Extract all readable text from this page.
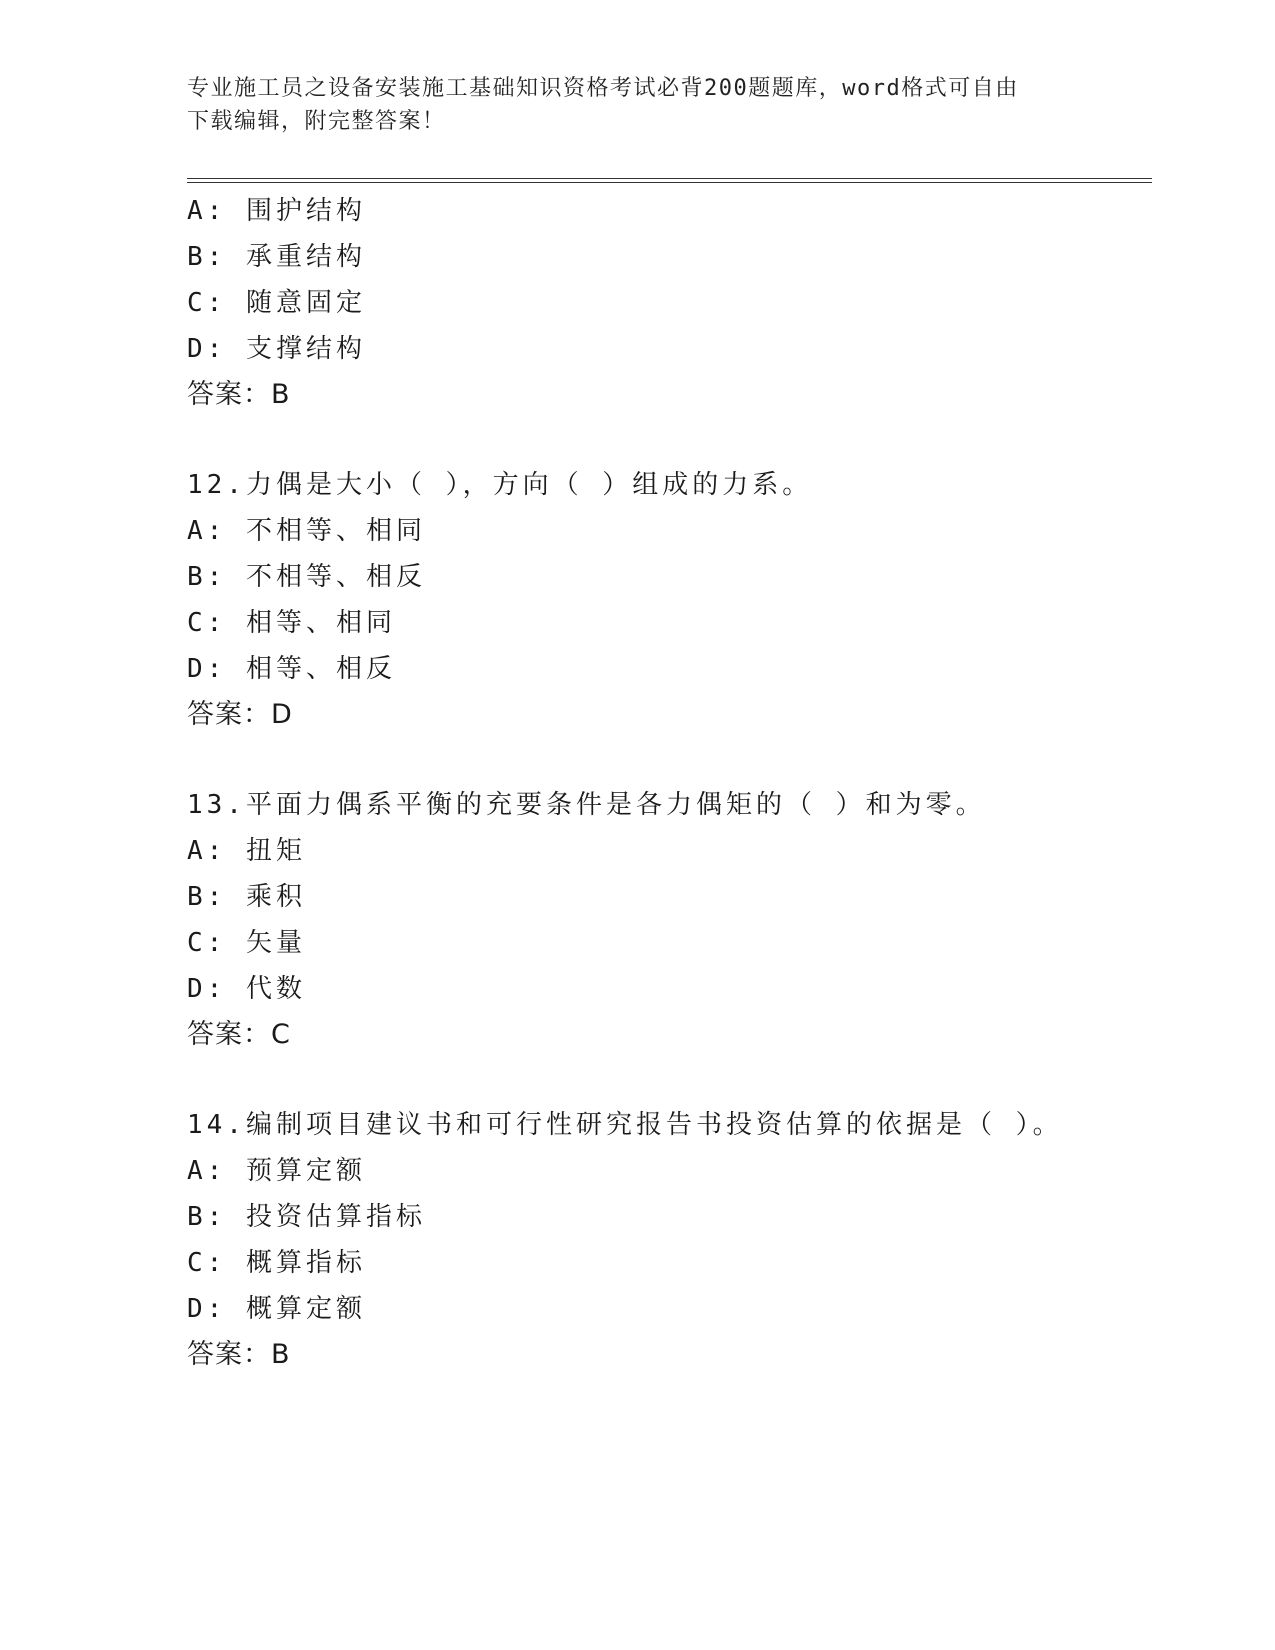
专业施工员之设备安装施工基础知识资格考试必背200题题库，word格式可自由
下载编辑，附完整答案！
A: 围护结构
B: 承重结构
C: 随意固定
D: 支撑结构
答案：B
12.力偶是大小（ ），方向（ ）组成的力系。
A: 不相等、相同
B: 不相等、相反
C: 相等、相同
D: 相等、相反
答案：D
13.平面力偶系平衡的充要条件是各力偶矩的（ ）和为零。
A: 扭矩
B: 乘积
C: 矢量
D: 代数
答案：C
14.编制项目建议书和可行性研究报告书投资估算的依据是（ ）。
A: 预算定额
B: 投资估算指标
C: 概算指标
D: 概算定额
答案：B
